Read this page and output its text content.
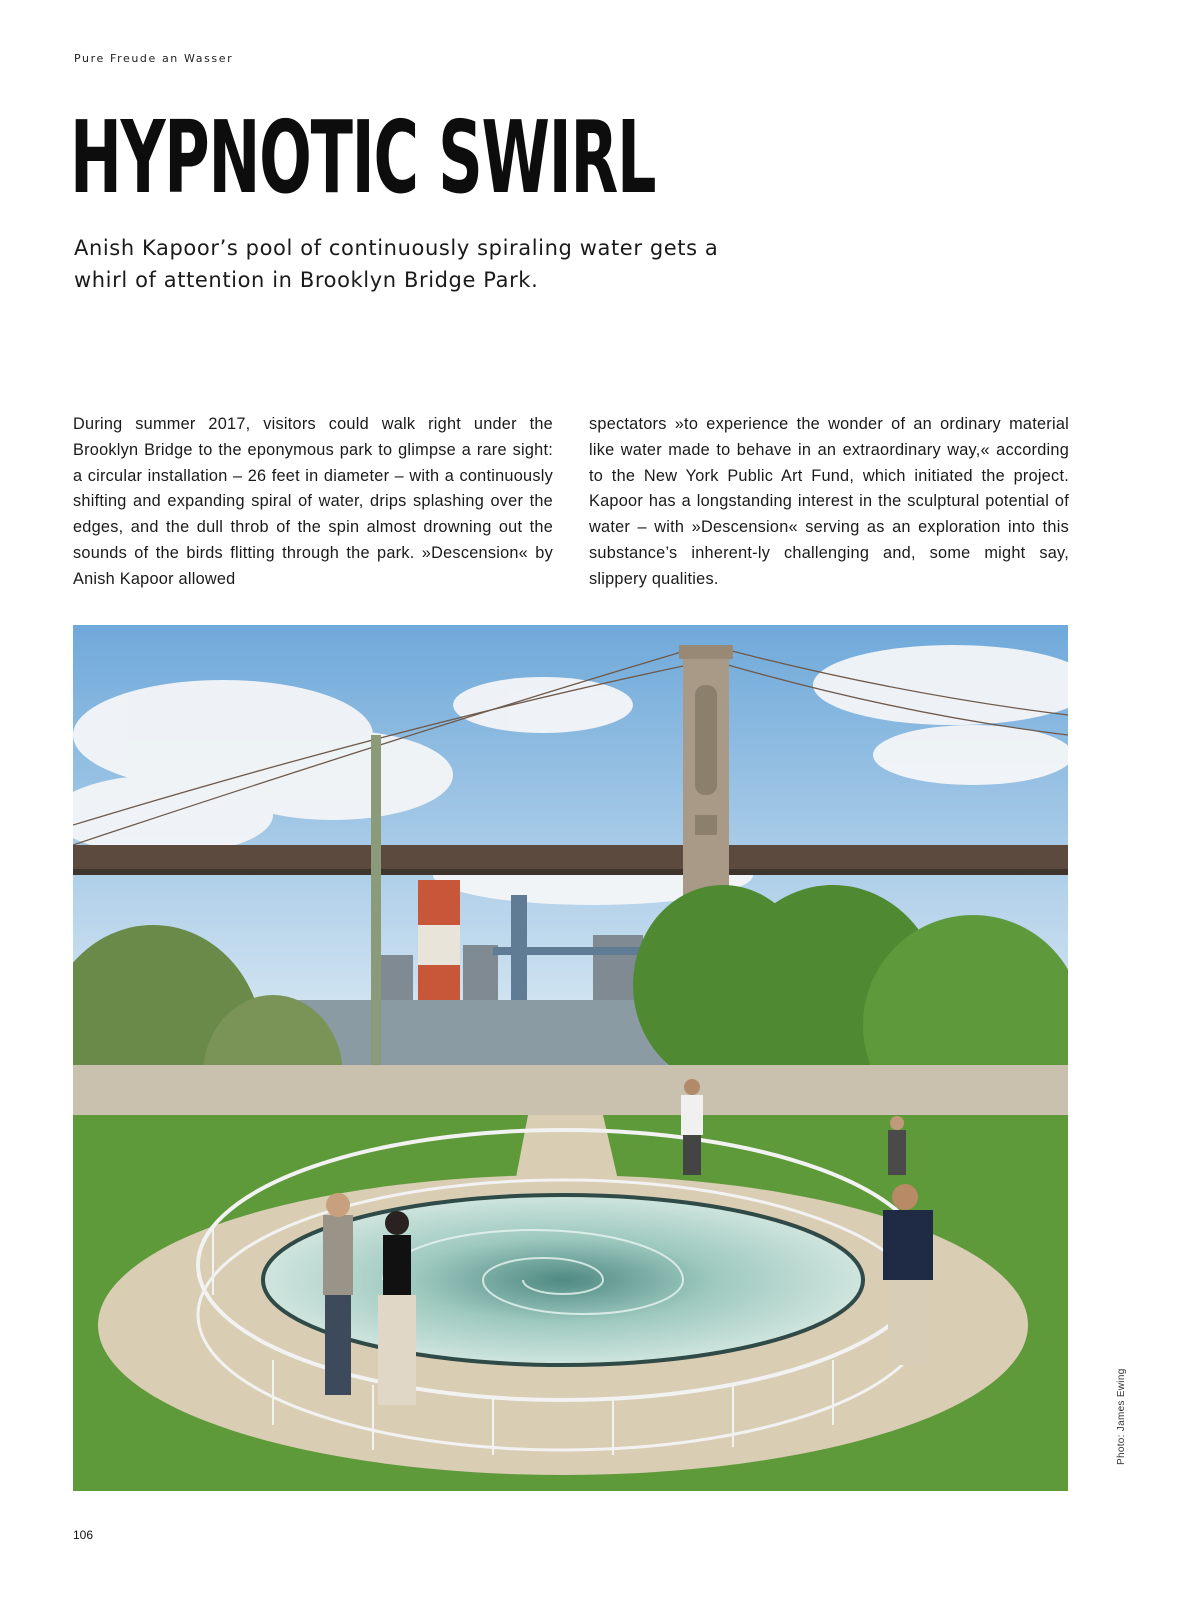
Pure Freude an Wasser
HYPNOTIC SWIRL

Anish Kapoor’s pool of continuously spiraling water gets a whirl of attention in Brooklyn Bridge Park.

During summer 2017, visitors could walk right under the Brooklyn Bridge to the eponymous park to glimpse a rare sight: a circular installation – 26 feet in diameter – with a continuously shifting and expanding spiral of water, drips splashing over the edges, and the dull throb of the spin almost drowning out the sounds of the birds flitting through the park. »Descension« by Anish Kapoor allowed

spectators »to experience the wonder of an ordinary material like water made to behave in an extraordinary way,« according to the New York Public Art Fund, which initiated the project. Kapoor has a longstanding interest in the sculptural potential of water – with »Descension« serving as an exploration into this substance’s inherent-ly challenging and, some might say, slippery qualities.

Photo: James Ewing
106
